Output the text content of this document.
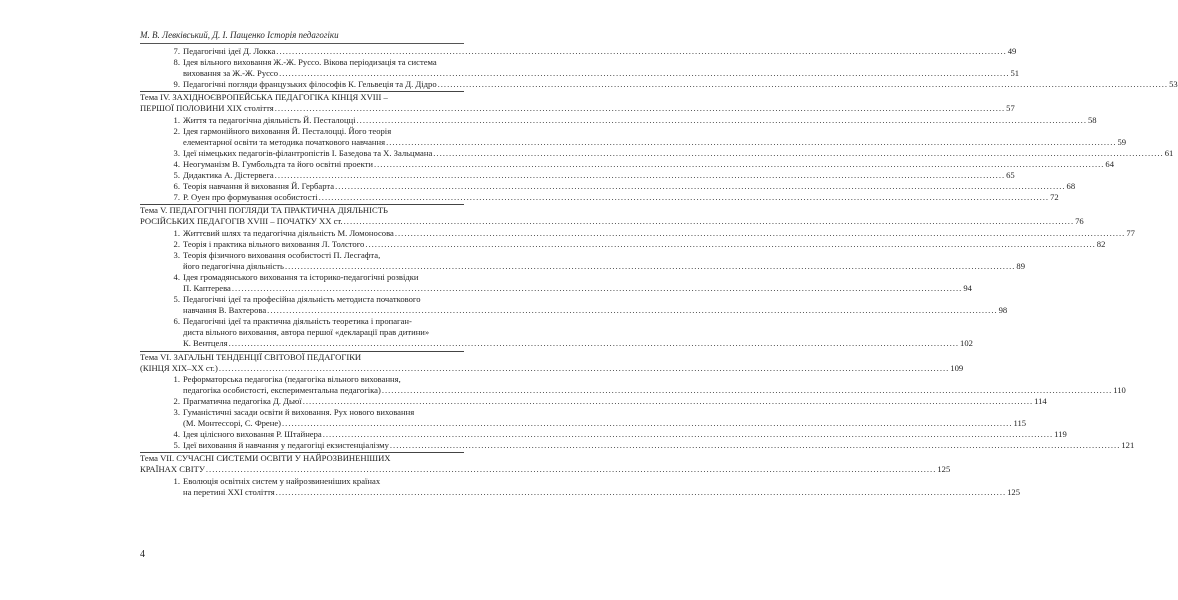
М. В. Левківський, Д. І. Пащенко Історія педагогіки
7. Педагогічні ідеї Д. Локка .....	49
8. Ідея вільного виховання Ж.-Ж. Руссо. Вікова періодизація та система
виховання за Ж.-Ж. Руссо .....	51
9. Педагогічні погляди французьких філософів К. Гельвеція та Д. Дідро .....	53
Тема IV. ЗАХІДНОЄВРОПЕЙСЬКА ПЕДАГОГІКА КІНЦЯ XVIII –
ПЕРШОЇ ПОЛОВИНИ ХІХ століття .....	57
1. Життя та педагогічна діяльність Й. Песталоцці .....	58
2. Ідея гармонійного виховання Й. Песталоцці. Його теорія
елементарної освіти та методика початкового навчання .....	59
3. Ідеї німецьких педагогів-філантропістів І. Базедова та Х. Зальцмана .....	61
4. Неогуманізм В. Гумбольдта та його освітні проекти .....	64
5. Дидактика А. Дістервега .....	65
6. Теорія навчання й виховання Й. Гербарта .....	68
7. Р. Оуен про формування особистості .....	72
Тема V. ПЕДАГОГІЧНІ ПОГЛЯДИ ТА ПРАКТИЧНА ДІЯЛЬНІСТЬ
РОСІЙСЬКИХ ПЕДАГОГІВ XVIII – ПОЧАТКУ XX ст. .....	76
1. Життєвий шлях та педагогічна діяльність М. Ломоносова .....	77
2. Теорія і практика вільного виховання Л. Толстого .....	82
3. Теорія фізичного виховання особистості П. Лесгафта,
його педагогічна діяльність .....	89
4. Ідея громадянського виховання та історико-педагогічні розвідки
П. Каптерева .....	94
5. Педагогічні ідеї та професійна діяльність методиста початкового
навчання В. Вахтерова .....	98
6. Педагогічні ідеї та практична діяльність теоретика і пропаган-
диста вільного виховання, автора першої «декларації прав дитини»
К. Вентцеля .....	102
Тема VI. ЗАГАЛЬНІ ТЕНДЕНЦІЇ СВІТОВОЇ ПЕДАГОГІКИ
(КІНЦЯ ХІХ–ХХ ст.) .....	109
1. Реформаторська педагогіка (педагогіка вільного виховання,
педагогіка особистості, експериментальна педагогіка) .....	110
2. Прагматична педагогіка Д. Дьюї .....	114
3. Гуманістичні засади освіти й виховання. Рух нового виховання
(М. Монтессорі, С. Френе) .....	115
4. Ідея цілісного виховання Р. Штайнера .....	119
5. Ідеї виховання й навчання у педагогіці екзистенціалізму .....	121
Тема VII. СУЧАСНІ СИСТЕМИ ОСВІТИ У НАЙРОЗВИНЕНІШИХ
КРАЇНАХ СВІТУ .....	125
1. Еволюція освітніх систем у найрозвиненіших країнах
на перетині ХХІ століття .....	125
4
